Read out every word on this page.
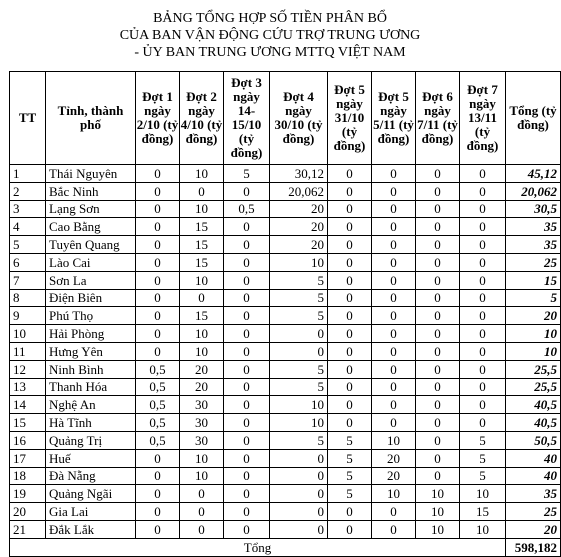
BẢNG TỔNG HỢP SỐ TIỀN PHÂN BỔ
CỦA BAN VẬN ĐỘNG CỨU TRỢ TRUNG ƯƠNG
- ỦY BAN TRUNG ƯƠNG MTTQ VIỆT NAM
TT	Tỉnh, thành phố	Đợt 1 ngày 2/10 (tỷ đồng)	Đợt 2 ngày 4/10 (tỷ đồng)	Đợt 3 ngày 14-15/10 (tỷ đồng)	Đợt 4 ngày 30/10 (tỷ đồng)	Đợt 5 ngày 31/10 (tỷ đồng)	Đợt 5 ngày 5/11 (tỷ đồng)	Đợt 6 ngày 7/11 (tỷ đồng)	Đợt 7 ngày 13/11 (tỷ đồng)	Tổng (tỷ đồng)
1	Thái Nguyên	0	10	5	30,12	0	0	0	0	45,12
2	Bắc Ninh	0	0	0	20,062	0	0	0	0	20,062
3	Lạng Sơn	0	10	0,5	20	0	0	0	0	30,5
4	Cao Bằng	0	15	0	20	0	0	0	0	35
5	Tuyên Quang	0	15	0	20	0	0	0	0	35
6	Lào Cai	0	15	0	10	0	0	0	0	25
7	Sơn La	0	10	0	5	0	0	0	0	15
8	Điện Biên	0	0	0	5	0	0	0	0	5
9	Phú Thọ	0	15	0	5	0	0	0	0	20
10	Hải Phòng	0	10	0	0	0	0	0	0	10
11	Hưng Yên	0	10	0	0	0	0	0	0	10
12	Ninh Bình	0,5	20	0	5	0	0	0	0	25,5
13	Thanh Hóa	0,5	20	0	5	0	0	0	0	25,5
14	Nghệ An	0,5	30	0	10	0	0	0	0	40,5
15	Hà Tĩnh	0,5	30	0	10	0	0	0	0	40,5
16	Quảng Trị	0,5	30	0	5	5	10	0	5	50,5
17	Huế	0	10	0	0	5	20	0	5	40
18	Đà Nẵng	0	10	0	0	5	20	0	5	40
19	Quảng Ngãi	0	0	0	0	5	10	10	10	35
20	Gia Lai	0	0	0	0	0	0	10	15	25
21	Đắk Lắk	0	0	0	0	0	0	10	10	20
Tổng										598,182
